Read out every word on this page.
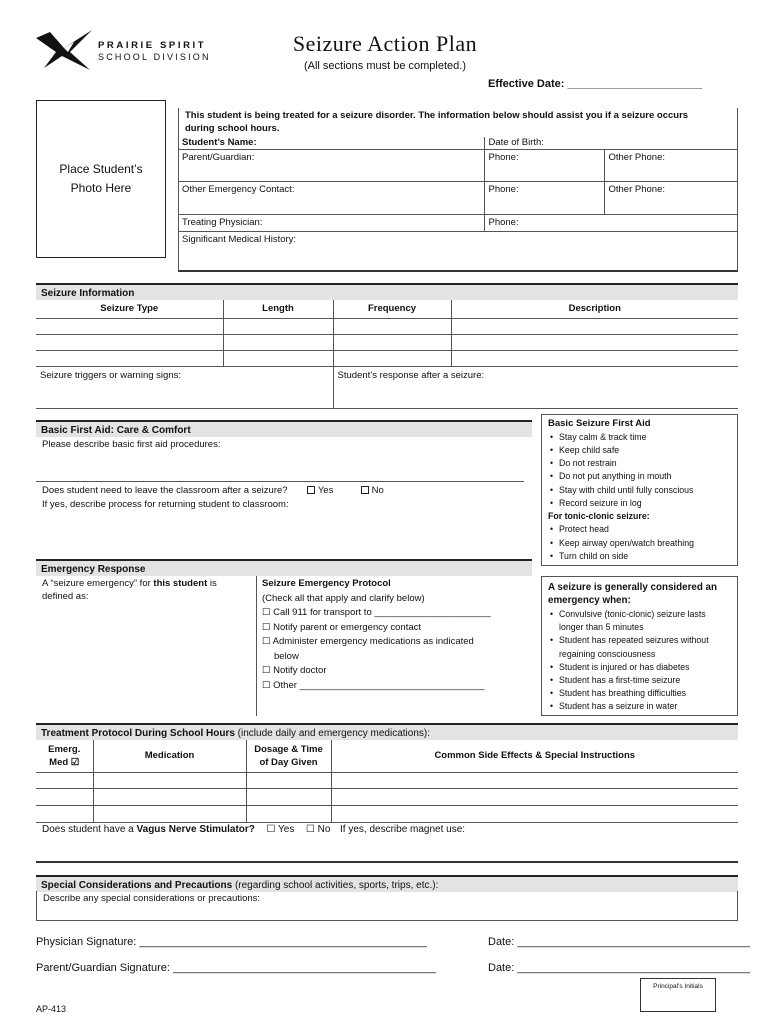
PRAIRIE SPIRIT
SCHOOL DIVISION
Seizure Action Plan
(All sections must be completed.)
Effective Date: ______________________
Place Student’s Photo Here
This student is being treated for a seizure disorder. The information below should assist you if a seizure occurs during school hours.
Student’s Name:	Date of Birth:	
Parent/Guardian:	Phone:	Other Phone:
Other Emergency Contact:	Phone:	Other Phone:
Treating Physician:	Phone:	
Significant Medical History:		
Seizure Information
Seizure Type	Length	Frequency	Description

Seizure triggers or warning signs:		Student’s response after a seizure:	
Basic First Aid: Care & Comfort
Please describe basic first aid procedures:
Does student need to leave the classroom after a seizure?	Yes	No
If yes, describe process for returning student to classroom:
Basic Seizure First Aid
• Stay calm & track time
• Keep child safe
• Do not restrain
• Do not put anything in mouth
• Stay with child until fully conscious
• Record seizure in log
For tonic-clonic seizure:
• Protect head
• Keep airway open/watch breathing
• Turn child on side
Emergency Response
A “seizure emergency” for this student is defined as:
Seizure Emergency Protocol
(Check all that apply and clarify below)
☐ Call 911 for transport to ______________________
☐ Notify parent or emergency contact
☐ Administer emergency medications as indicated
below
☐ Notify doctor
☐ Other ___________________________________
A seizure is generally considered an emergency when:
• Convulsive (tonic-clonic) seizure lasts longer than 5 minutes
• Student has repeated seizures without regaining consciousness
• Student is injured or has diabetes
• Student has a first-time seizure
• Student has breathing difficulties
• Student has a seizure in water
Treatment Protocol During School Hours (include daily and emergency medications):
Emerg. Med ☑	Medication	Dosage & Time of Day Given	Common Side Effects & Special Instructions

Does student have a Vagus Nerve Stimulator? ☐ Yes ☐ No If yes, describe magnet use:
Special Considerations and Precautions (regarding school activities, sports, trips, etc.):
Describe any special considerations or precautions:
Physician Signature: _______________________________________________	Date: ______________________________________
Parent/Guardian Signature: ___________________________________________	Date: ______________________________________
AP-413
Principal’s Initials
